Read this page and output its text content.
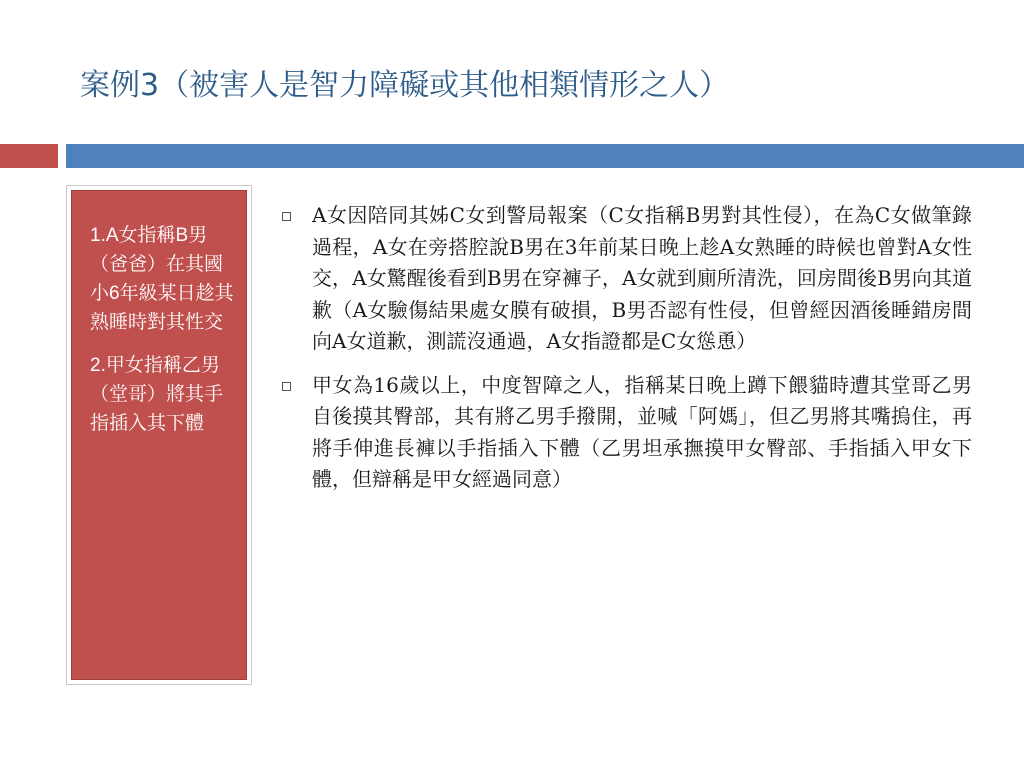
案例3（被害人是智力障礙或其他相類情形之人）

1.A女指稱B男（爸爸）在其國小6年級某日趁其熟睡時對其性交

2.甲女指稱乙男（堂哥）將其手指插入其下體

A女因陪同其姊C女到警局報案（C女指稱B男對其性侵），在為C女做筆錄過程，A女在旁搭腔說B男在3年前某日晚上趁A女熟睡的時候也曾對A女性交，A女驚醒後看到B男在穿褲子，A女就到廁所清洗，回房間後B男向其道歉（A女驗傷結果處女膜有破損，B男否認有性侵，但曾經因酒後睡錯房間向A女道歉，測謊沒通過，A女指證都是C女慫恿）
甲女為16歲以上，中度智障之人，指稱某日晚上蹲下餵貓時遭其堂哥乙男自後摸其臀部，其有將乙男手撥開，並喊「阿媽」，但乙男將其嘴摀住，再將手伸進長褲以手指插入下體（乙男坦承撫摸甲女臀部、手指插入甲女下體，但辯稱是甲女經過同意）
